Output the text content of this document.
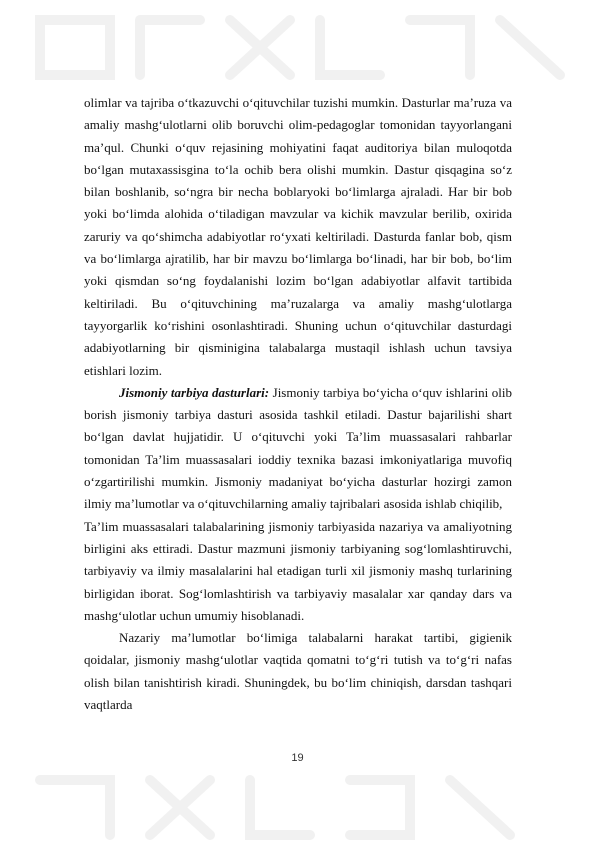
olimlar va tajriba o‘tkazuvchi o‘qituvchilar tuzishi mumkin. Dasturlar ma’ruza va amaliy mashg‘ulotlarni olib boruvchi olim-pedagoglar tomonidan tayyorlangani ma’qul. Chunki o‘quv rejasining mohiyatini faqat auditoriya bilan muloqotda bo‘lgan mutaxassisgina to‘la ochib bera olishi mumkin. Dastur qisqagina so‘z bilan boshlanib, so‘ngra bir necha boblaryoki bo‘limlarga ajraladi. Har bir bob yoki bo‘limda alohida o‘tiladigan mavzular va kichik mavzular berilib, oxirida zaruriy va qo‘shimcha adabiyotlar ro‘yxati keltiriladi. Dasturda fanlar bob, qism va bo‘limlarga ajratilib, har bir mavzu bo‘limlarga bo‘linadi, har bir bob, bo‘lim yoki qismdan so‘ng foydalanishi lozim bo‘lgan adabiyotlar alfavit tartibida keltiriladi. Bu o‘qituvchining ma’ruzalarga va amaliy mashg‘ulotlarga tayyorgarlik ko‘rishini osonlashtiradi. Shuning uchun o‘qituvchilar dasturdagi adabiyotlarning bir qisminigina talabalarga mustaqil ishlash uchun tavsiya etishlari lozim.

Jismoniy tarbiya dasturlari: Jismoniy tarbiya bo‘yicha o‘quv ishlarini olib borish jismoniy tarbiya dasturi asosida tashkil etiladi. Dastur bajarilishi shart bo‘lgan davlat hujjatidir. U o‘qituvchi yoki Ta’lim muassasalari rahbarlar tomonidan Ta’lim muassasalari ioddiy texnika bazasi imkoniyatlariga muvofiq o‘zgartirilishi mumkin. Jismoniy madaniyat bo‘yicha dasturlar hozirgi zamon ilmiy ma’lumotlar va o‘qituvchilarning amaliy tajribalari asosida ishlab chiqilib,

Ta’lim muassasalari talabalarining jismoniy tarbiyasida nazariya va amaliyotning birligini aks ettiradi. Dastur mazmuni jismoniy tarbiyaning sog‘lomlashtiruvchi, tarbiyaviy va ilmiy masalalarini hal etadigan turli xil jismoniy mashq turlarining birligidan iborat. Sog‘lomlashtirish va tarbiyaviy masalalar xar qanday dars va mashg‘ulotlar uchun umumiy hisoblanadi.

Nazariy ma’lumotlar bo‘limiga talabalarni harakat tartibi, gigienik qoidalar, jismoniy mashg‘ulotlar vaqtida qomatni to‘g‘ri tutish va to‘g‘ri nafas olish bilan tanishtirish kiradi. Shuningdek, bu bo‘lim chiniqish, darsdan tashqari vaqtlarda

19
